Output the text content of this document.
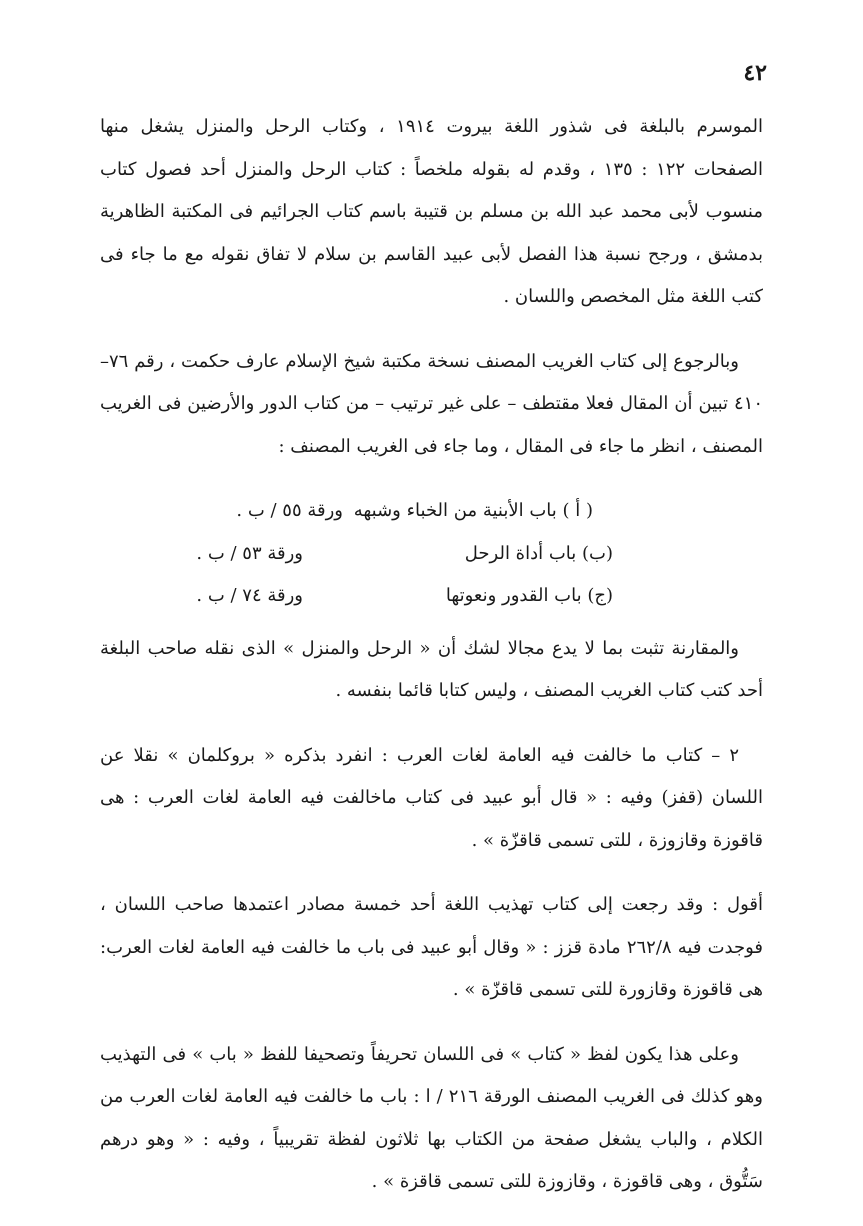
٤٢

الموسرم بالبلغة فى شذور اللغة بيروت ١٩١٤ ، وكتاب الرحل والمنزل يشغل منها الصفحات ١٢٢ : ١٣٥ ، وقدم له بقوله ملخصاً : كتاب الرحل والمنزل أحد فصول كتاب منسوب لأبى محمد عبد الله بن مسلم بن قتيبة باسم كتاب الجرائيم فى المكتبة الظاهرية بدمشق ، ورجح نسبة هذا الفصل لأبى عبيد القاسم بن سلام لا تفاق نقوله مع ما جاء فى كتب اللغة مثل المخصص واللسان .

وبالرجوع إلى كتاب الغريب المصنف نسخة مكتبة شيخ الإسلام عارف حكمت ، رقم ٧٦–٤١٠ تبين أن المقال فعلا مقتطف – على غير ترتيب – من كتاب الدور والأرضين فى الغريب المصنف ، انظر ما جاء فى المقال ، وما جاء فى الغريب المصنف :

( أ ) باب الأبنية من الخباء وشبهه
ورقة ٥٥ / ب .
(ب) باب أداة الرحل
ورقة ٥٣ / ب .
(ج) باب القدور ونعوتها
ورقة ٧٤ / ب .

والمقارنة تثبت بما لا يدع مجالا لشك أن « الرحل والمنزل » الذى نقله صاحب البلغة أحد كتب كتاب الغريب المصنف ، وليس كتابا قائما بنفسه .

٢ – كتاب ما خالفت فيه العامة لغات العرب : انفرد بذكره « بروكلمان » نقلا عن اللسان (قفز) وفيه : « قال أبو عبيد فى كتاب ماخالفت فيه العامة لغات العرب : هى قاقوزة وقازوزة ، للتى تسمى قاقزّة » .

أقول : وقد رجعت إلى كتاب تهذيب اللغة أحد خمسة مصادر اعتمدها صاحب اللسان ، فوجدت فيه ٢٦٢/٨ مادة قزز : « وقال أبو عبيد فى باب ما خالفت فيه العامة لغات العرب: هى قاقوزة وقازورة للتى تسمى قاقزّة » .

وعلى هذا يكون لفظ « كتاب » فى اللسان تحريفاً وتصحيفا للفظ « باب » فى التهذيب وهو كذلك فى الغريب المصنف الورقة ٢١٦ / ا : باب ما خالفت فيه العامة لغات العرب من الكلام ، والباب يشغل صفحة من الكتاب بها ثلاثون لفظة تقريبياً ، وفيه : « وهو درهم سَتُّوق ، وهى قاقوزة ، وقازوزة للتى تسمى قاقزة » .
